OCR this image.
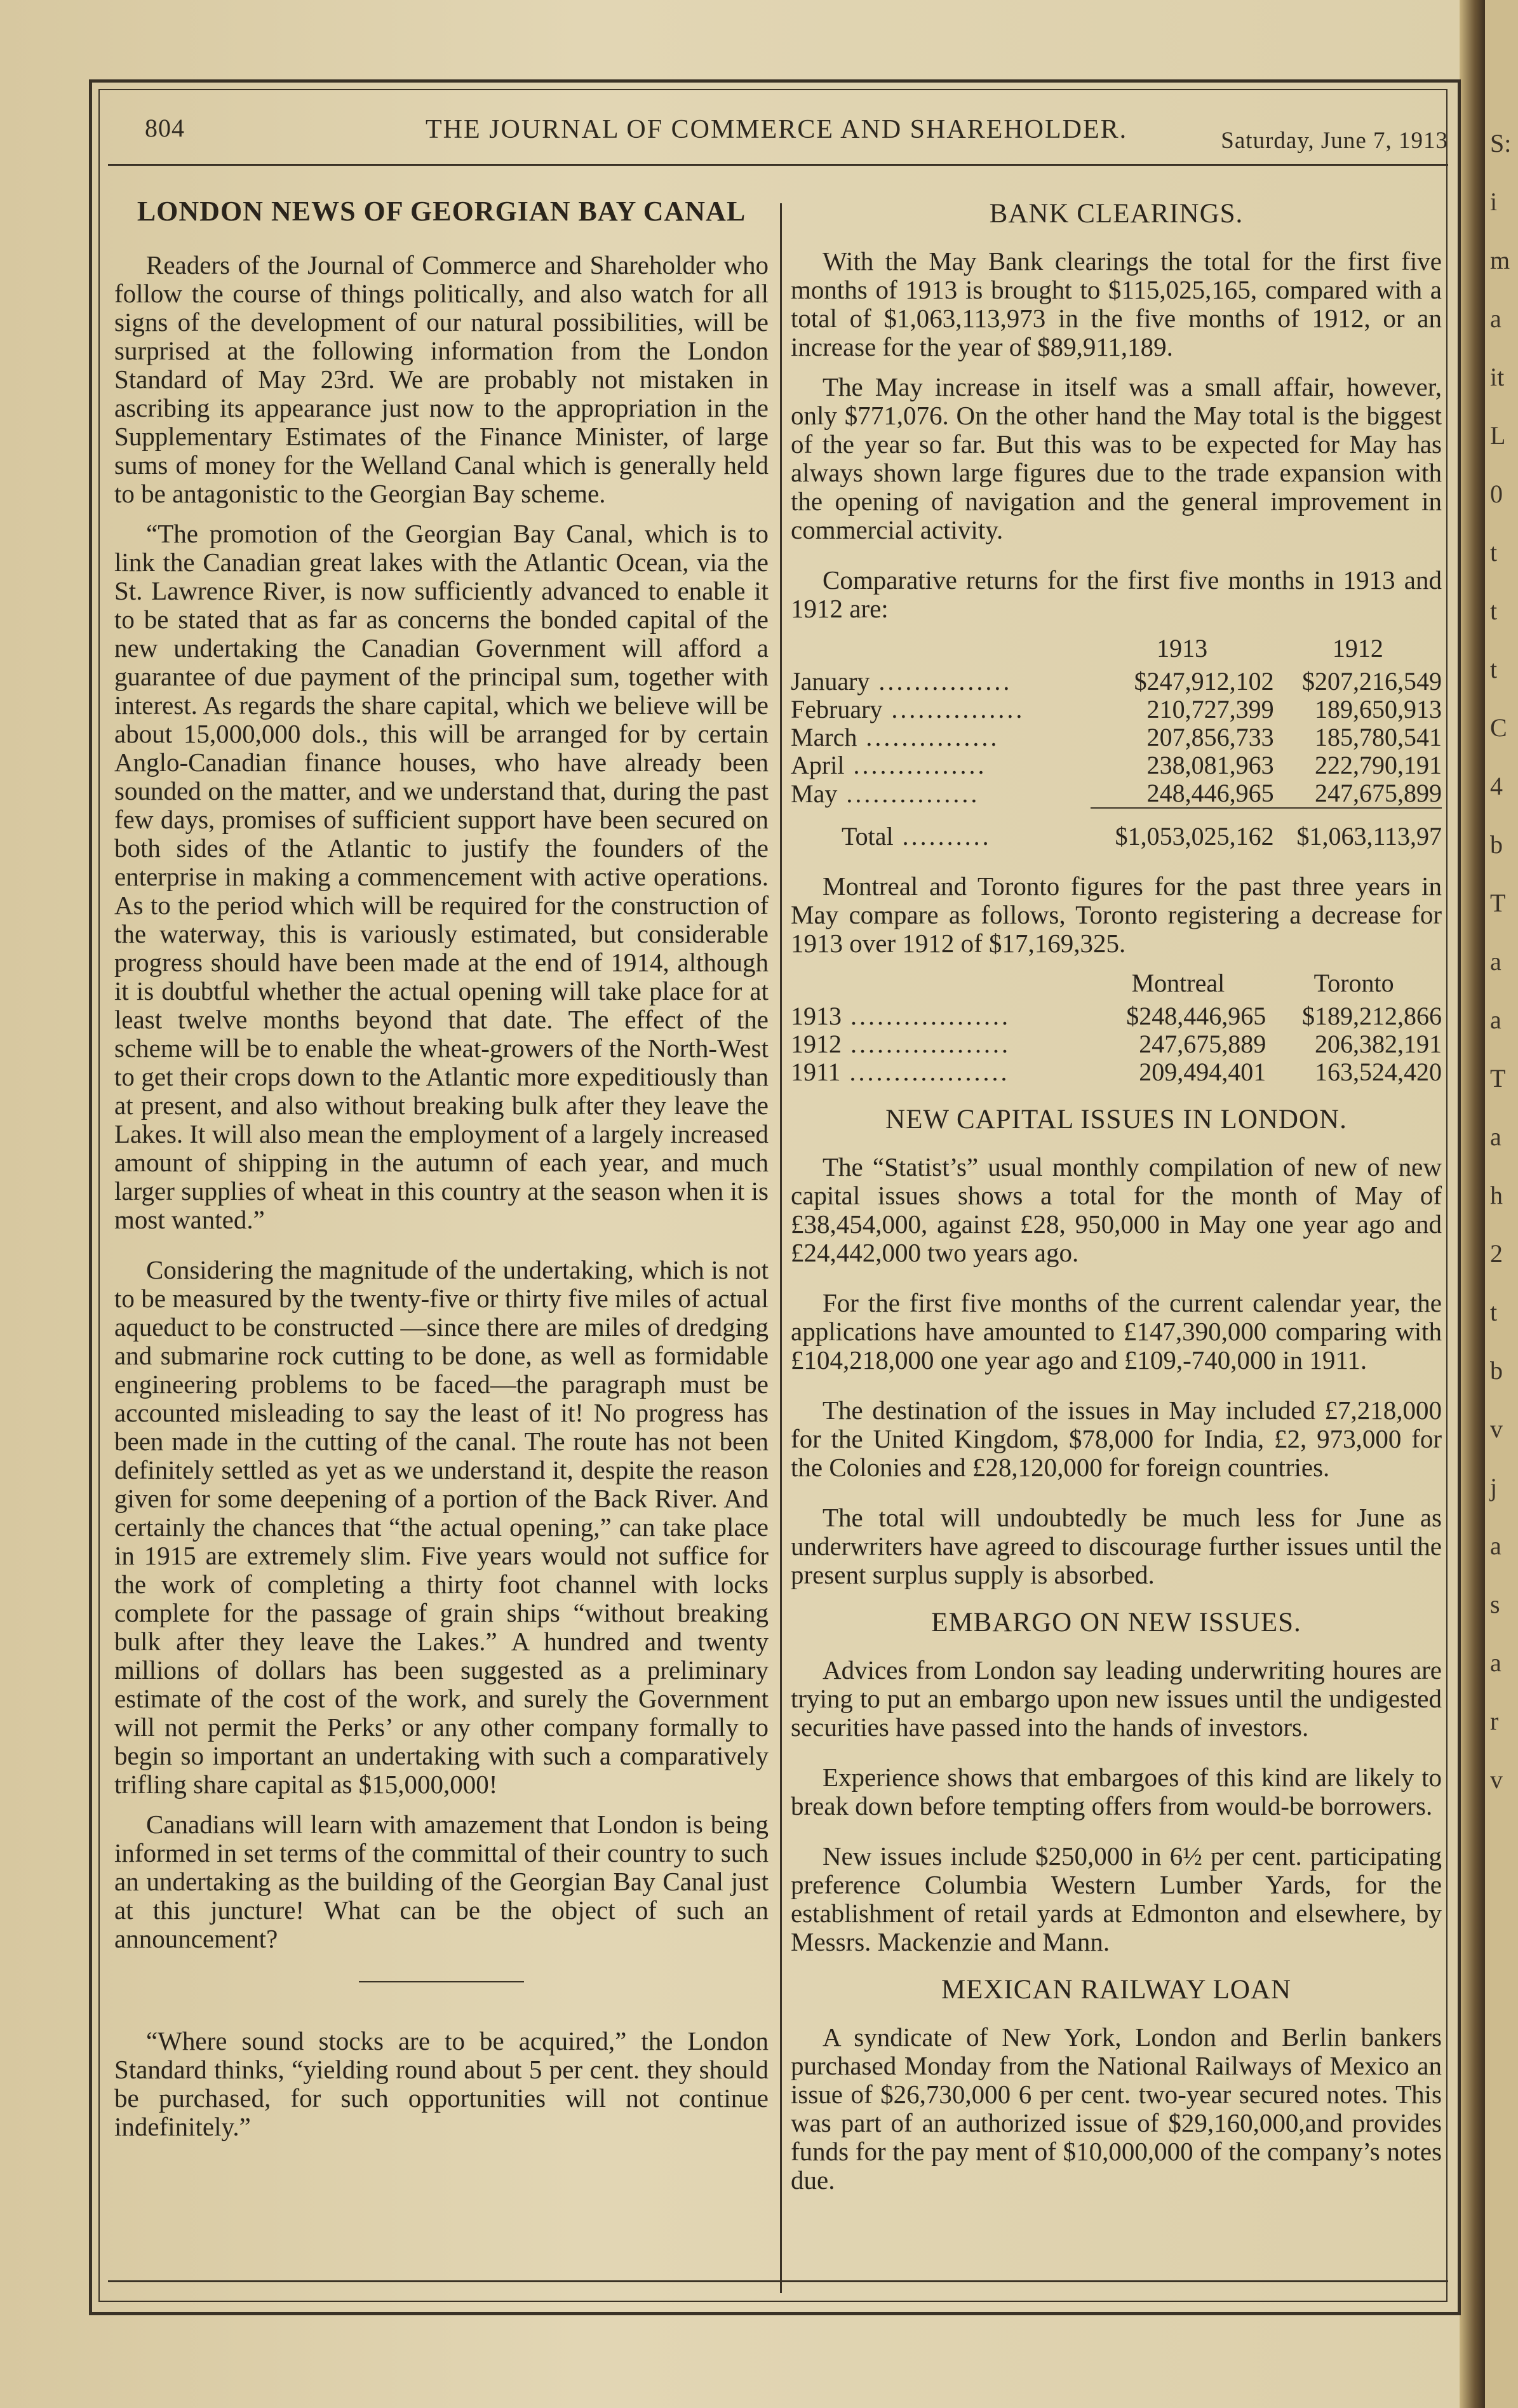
S:
i
m
a
it
L
0
t
t
t
C
4
b
T
a
a
T
a
h
2
t
b
v
j
a
s
a
r
v
804	THE JOURNAL OF COMMERCE AND SHAREHOLDER.	Saturday, June 7, 1913
LONDON NEWS OF GEORGIAN BAY CANAL

Readers of the Journal of Commerce and Shareholder who follow the course of things politically, and also watch for all signs of the development of our natural possibilities, will be surprised at the following information from the London Standard of May 23rd. We are probably not mistaken in ascribing its appearance just now to the appropriation in the Supplementary Estimates of the Finance Minister, of large sums of money for the Welland Canal which is generally held to be antagonistic to the Georgian Bay scheme.

“The promotion of the Georgian Bay Canal, which is to link the Canadian great lakes with the Atlantic Ocean, via the St. Lawrence River, is now sufficiently advanced to enable it to be stated that as far as concerns the bonded capital of the new undertaking the Canadian Government will afford a guarantee of due payment of the principal sum, together with interest. As regards the share capital, which we believe will be about 15,000,000 dols., this will be arranged for by certain Anglo-Canadian finance houses, who have already been sounded on the matter, and we understand that, during the past few days, promises of sufficient support have been secured on both sides of the Atlantic to justify the founders of the enterprise in making a commencement with active operations. As to the period which will be required for the construction of the waterway, this is variously estimated, but considerable progress should have been made at the end of 1914, although it is doubtful whether the actual opening will take place for at least twelve months beyond that date. The effect of the scheme will be to enable the wheat-growers of the North-West to get their crops down to the Atlantic more expeditiously than at present, and also without breaking bulk after they leave the Lakes. It will also mean the employment of a largely increased amount of shipping in the autumn of each year, and much larger supplies of wheat in this country at the season when it is most wanted.”

Considering the magnitude of the undertaking, which is not to be measured by the twenty-five or thirty five miles of actual aqueduct to be constructed —since there are miles of dredging and submarine rock cutting to be done, as well as formidable engineering problems to be faced—the paragraph must be accounted misleading to say the least of it! No progress has been made in the cutting of the canal. The route has not been definitely settled as yet as we understand it, despite the reason given for some deepening of a portion of the Back River. And certainly the chances that “the actual opening,” can take place in 1915 are extremely slim. Five years would not suffice for the work of completing a thirty foot channel with locks complete for the passage of grain ships “without breaking bulk after they leave the Lakes.” A hundred and twenty millions of dollars has been suggested as a preliminary estimate of the cost of the work, and surely the Government will not permit the Perks’ or any other company formally to begin so important an undertaking with such a comparatively trifling share capital as $15,000,000!

Canadians will learn with amazement that London is being informed in set terms of the committal of their country to such an undertaking as the building of the Georgian Bay Canal just at this juncture! What can be the object of such an announcement?

“Where sound stocks are to be acquired,” the London Standard thinks, “yielding round about 5 per cent. they should be purchased, for such opportunities will not continue indefinitely.”

BANK CLEARINGS.

With the May Bank clearings the total for the first five months of 1913 is brought to $115,025,165, compared with a total of $1,063,113,973 in the five months of 1912, or an increase for the year of $89,911,189.

The May increase in itself was a small affair, however, only $771,076. On the other hand the May total is the biggest of the year so far. But this was to be expected for May has always shown large figures due to the trade expansion with the opening of navigation and the general improvement in commercial activity.

Comparative returns for the first five months in 1913 and 1912 are:

	1913	1912
January ...............	$247,912,102	$207,216,549
February ...............	210,727,399	189,650,913
March ...............	207,856,733	185,780,541
April ...............	238,081,963	222,790,191
May ...............	248,446,965	247,675,899
Total ..........	$1,053,025,162	$1,063,113,97

Montreal and Toronto figures for the past three years in May compare as follows, Toronto registering a decrease for 1913 over 1912 of $17,169,325.

	Montreal	Toronto
1913 ..................	$248,446,965	$189,212,866
1912 ..................	247,675,889	206,382,191
1911 ..................	209,494,401	163,524,420
NEW CAPITAL ISSUES IN LONDON.

The “Statist’s” usual monthly compilation of new of new capital issues shows a total for the month of May of £38,454,000, against £28, 950,000 in May one year ago and £24,442,000 two years ago.

For the first five months of the current calendar year, the applications have amounted to £147,390,000 comparing with £104,218,000 one year ago and £109,-740,000 in 1911.

The destination of the issues in May included £7,218,000 for the United Kingdom, $78,000 for India, £2, 973,000 for the Colonies and £28,120,000 for foreign countries.

The total will undoubtedly be much less for June as underwriters have agreed to discourage further issues until the present surplus supply is absorbed.

EMBARGO ON NEW ISSUES.

Advices from London say leading underwriting houres are trying to put an embargo upon new issues until the undigested securities have passed into the hands of investors.

Experience shows that embargoes of this kind are likely to break down before tempting offers from would-be borrowers.

New issues include $250,000 in 6½ per cent. participating preference Columbia Western Lumber Yards, for the establishment of retail yards at Edmonton and elsewhere, by Messrs. Mackenzie and Mann.

MEXICAN RAILWAY LOAN

A syndicate of New York, London and Berlin bankers purchased Monday from the National Railways of Mexico an issue of $26,730,000 6 per cent. two-year secured notes. This was part of an authorized issue of $29,160,000,and provides funds for the pay ment of $10,000,000 of the company’s notes due.
